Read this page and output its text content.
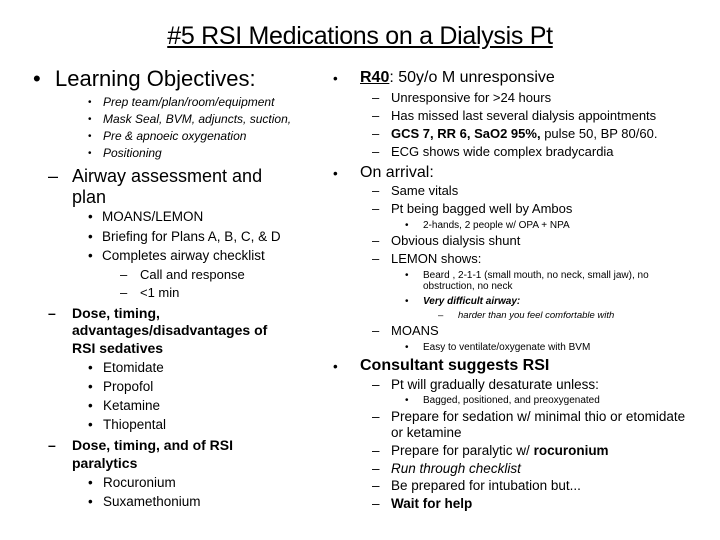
#5 RSI Medications on a Dialysis Pt
• Learning Objectives:
• Prep team/plan/room/equipment
• Mask Seal, BVM, adjuncts, suction,
• Pre & apnoeic oxygenation
• Positioning
– Airway assessment and
plan
• MOANS/LEMON
• Briefing for Plans A, B, C, & D
• Completes airway checklist
– Call and response
– <1 min
– Dose, timing,
advantages/disadvantages of
RSI sedatives
• Etomidate
• Propofol
• Ketamine
• Thiopental
– Dose, timing, and of RSI
paralytics
• Rocuronium
• Suxamethonium
• R40: 50y/o M unresponsive
– Unresponsive for >24 hours
– Has missed last several dialysis appointments
– GCS 7, RR 6, SaO2 95%, pulse 50, BP 80/60.
– ECG shows wide complex bradycardia
• On arrival:
– Same vitals
– Pt being bagged well by Ambos
• 2-hands, 2 people w/ OPA + NPA
– Obvious dialysis shunt
– LEMON shows:
• Beard , 2-1-1 (small mouth, no neck, small jaw), no
obstruction, no neck
• Very difficult airway:
– harder than you feel comfortable with
– MOANS
• Easy to ventilate/oxygenate with BVM
• Consultant suggests RSI
– Pt will gradually desaturate unless:
• Bagged, positioned, and preoxygenated
– Prepare for sedation w/ minimal thio or etomidate
or ketamine
– Prepare for paralytic w/ rocuronium
– Run through checklist
– Be prepared for intubation but...
– Wait for help
